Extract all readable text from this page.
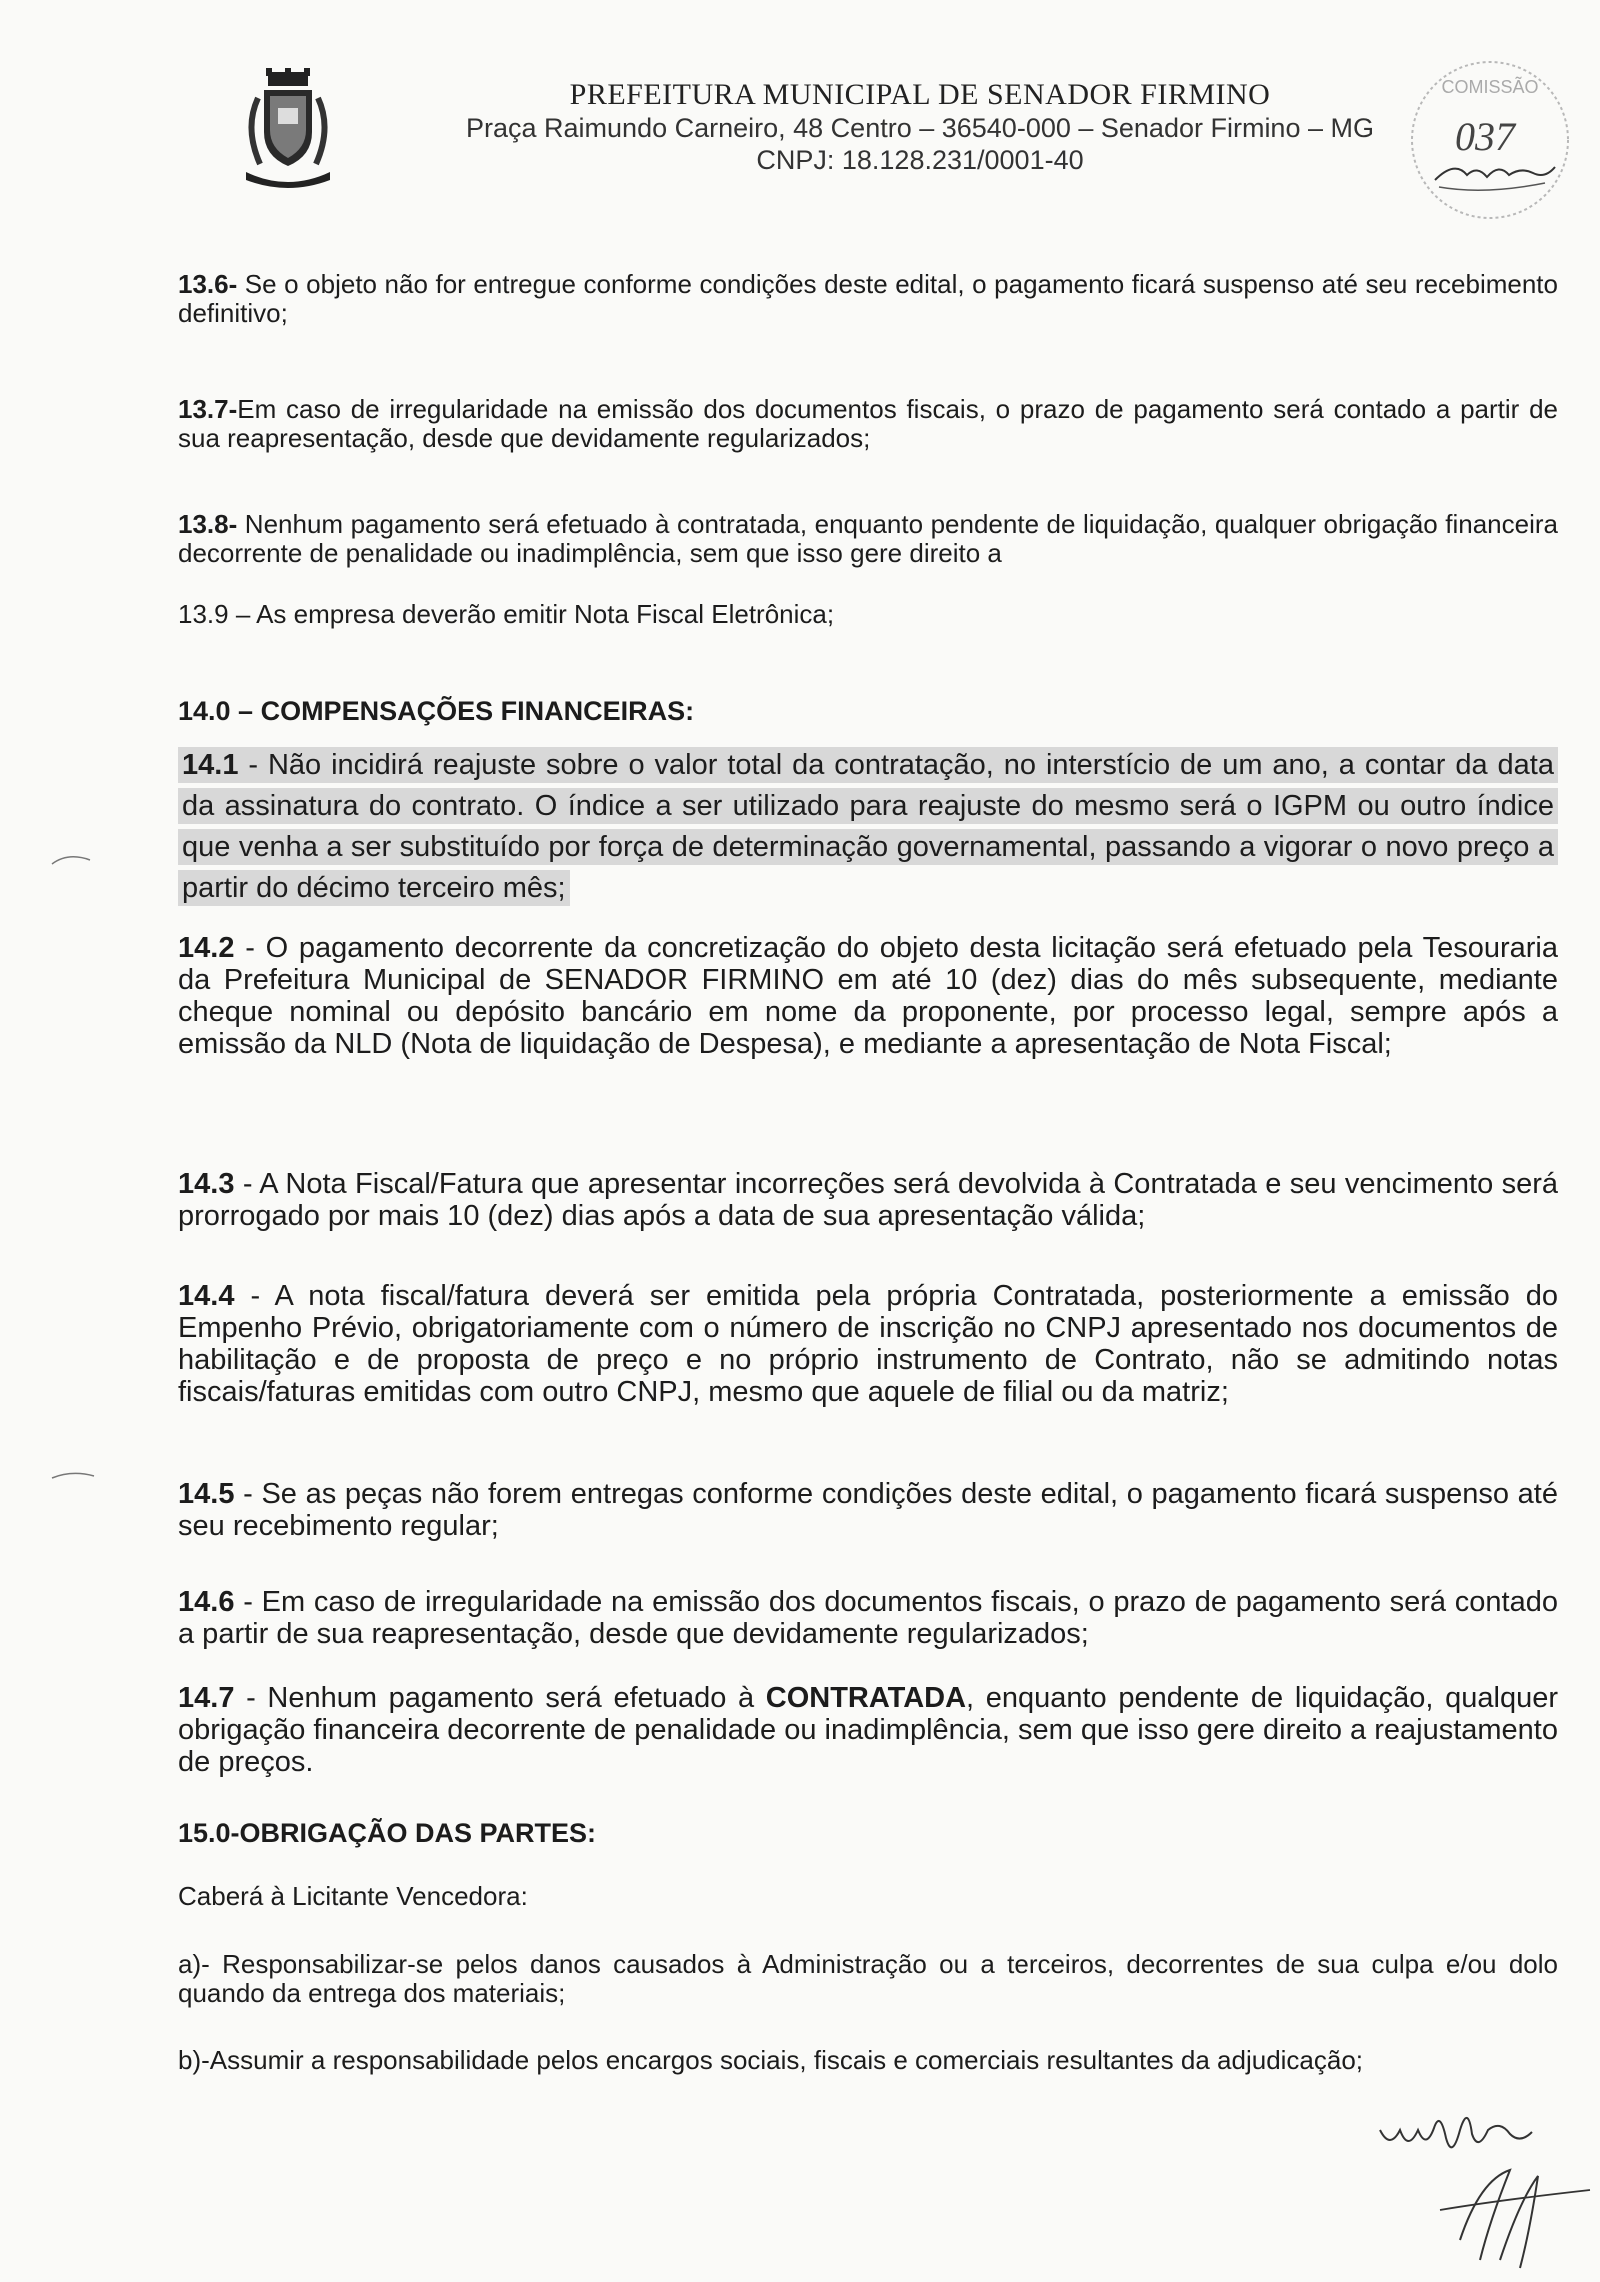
PREFEITURA MUNICIPAL DE SENADOR FIRMINO
Praça Raimundo Carneiro, 48 Centro – 36540-000 – Senador Firmino – MG
CNPJ: 18.128.231/0001-40
COMISSÃO
037

13.6- Se o objeto não for entregue conforme condições deste edital, o pagamento ficará suspenso até seu recebimento definitivo;

13.7-Em caso de irregularidade na emissão dos documentos fiscais, o prazo de pagamento será contado a partir de sua reapresentação, desde que devidamente regularizados;

13.8- Nenhum pagamento será efetuado à contratada, enquanto pendente de liquidação, qualquer obrigação financeira decorrente de penalidade ou inadimplência, sem que isso gere direito a

13.9 – As empresa deverão emitir Nota Fiscal Eletrônica;

14.0 – COMPENSAÇÕES FINANCEIRAS:

14.1 - Não incidirá reajuste sobre o valor total da contratação, no interstício de um ano, a contar da data da assinatura do contrato. O índice a ser utilizado para reajuste do mesmo será o IGPM ou outro índice que venha a ser substituído por força de determinação governamental, passando a vigorar o novo preço a partir do décimo terceiro mês;

14.2 - O pagamento decorrente da concretização do objeto desta licitação será efetuado pela Tesouraria da Prefeitura Municipal de SENADOR FIRMINO em até 10 (dez) dias do mês subsequente, mediante cheque nominal ou depósito bancário em nome da proponente, por processo legal, sempre após a emissão da NLD (Nota de liquidação de Despesa), e mediante a apresentação de Nota Fiscal;

14.3 - A Nota Fiscal/Fatura que apresentar incorreções será devolvida à Contratada e seu vencimento será prorrogado por mais 10 (dez) dias após a data de sua apresentação válida;

14.4 - A nota fiscal/fatura deverá ser emitida pela própria Contratada, posteriormente a emissão do Empenho Prévio, obrigatoriamente com o número de inscrição no CNPJ apresentado nos documentos de habilitação e de proposta de preço e no próprio instrumento de Contrato, não se admitindo notas fiscais/faturas emitidas com outro CNPJ, mesmo que aquele de filial ou da matriz;

14.5 - Se as peças não forem entregas conforme condições deste edital, o pagamento ficará suspenso até seu recebimento regular;

14.6 - Em caso de irregularidade na emissão dos documentos fiscais, o prazo de pagamento será contado a partir de sua reapresentação, desde que devidamente regularizados;

14.7 - Nenhum pagamento será efetuado à CONTRATADA, enquanto pendente de liquidação, qualquer obrigação financeira decorrente de penalidade ou inadimplência, sem que isso gere direito a reajustamento de preços.

15.0-OBRIGAÇÃO DAS PARTES:

Caberá à Licitante Vencedora:

a)- Responsabilizar-se pelos danos causados à Administração ou a terceiros, decorrentes de sua culpa e/ou dolo quando da entrega dos materiais;

b)-Assumir a responsabilidade pelos encargos sociais, fiscais e comerciais resultantes da adjudicação;
